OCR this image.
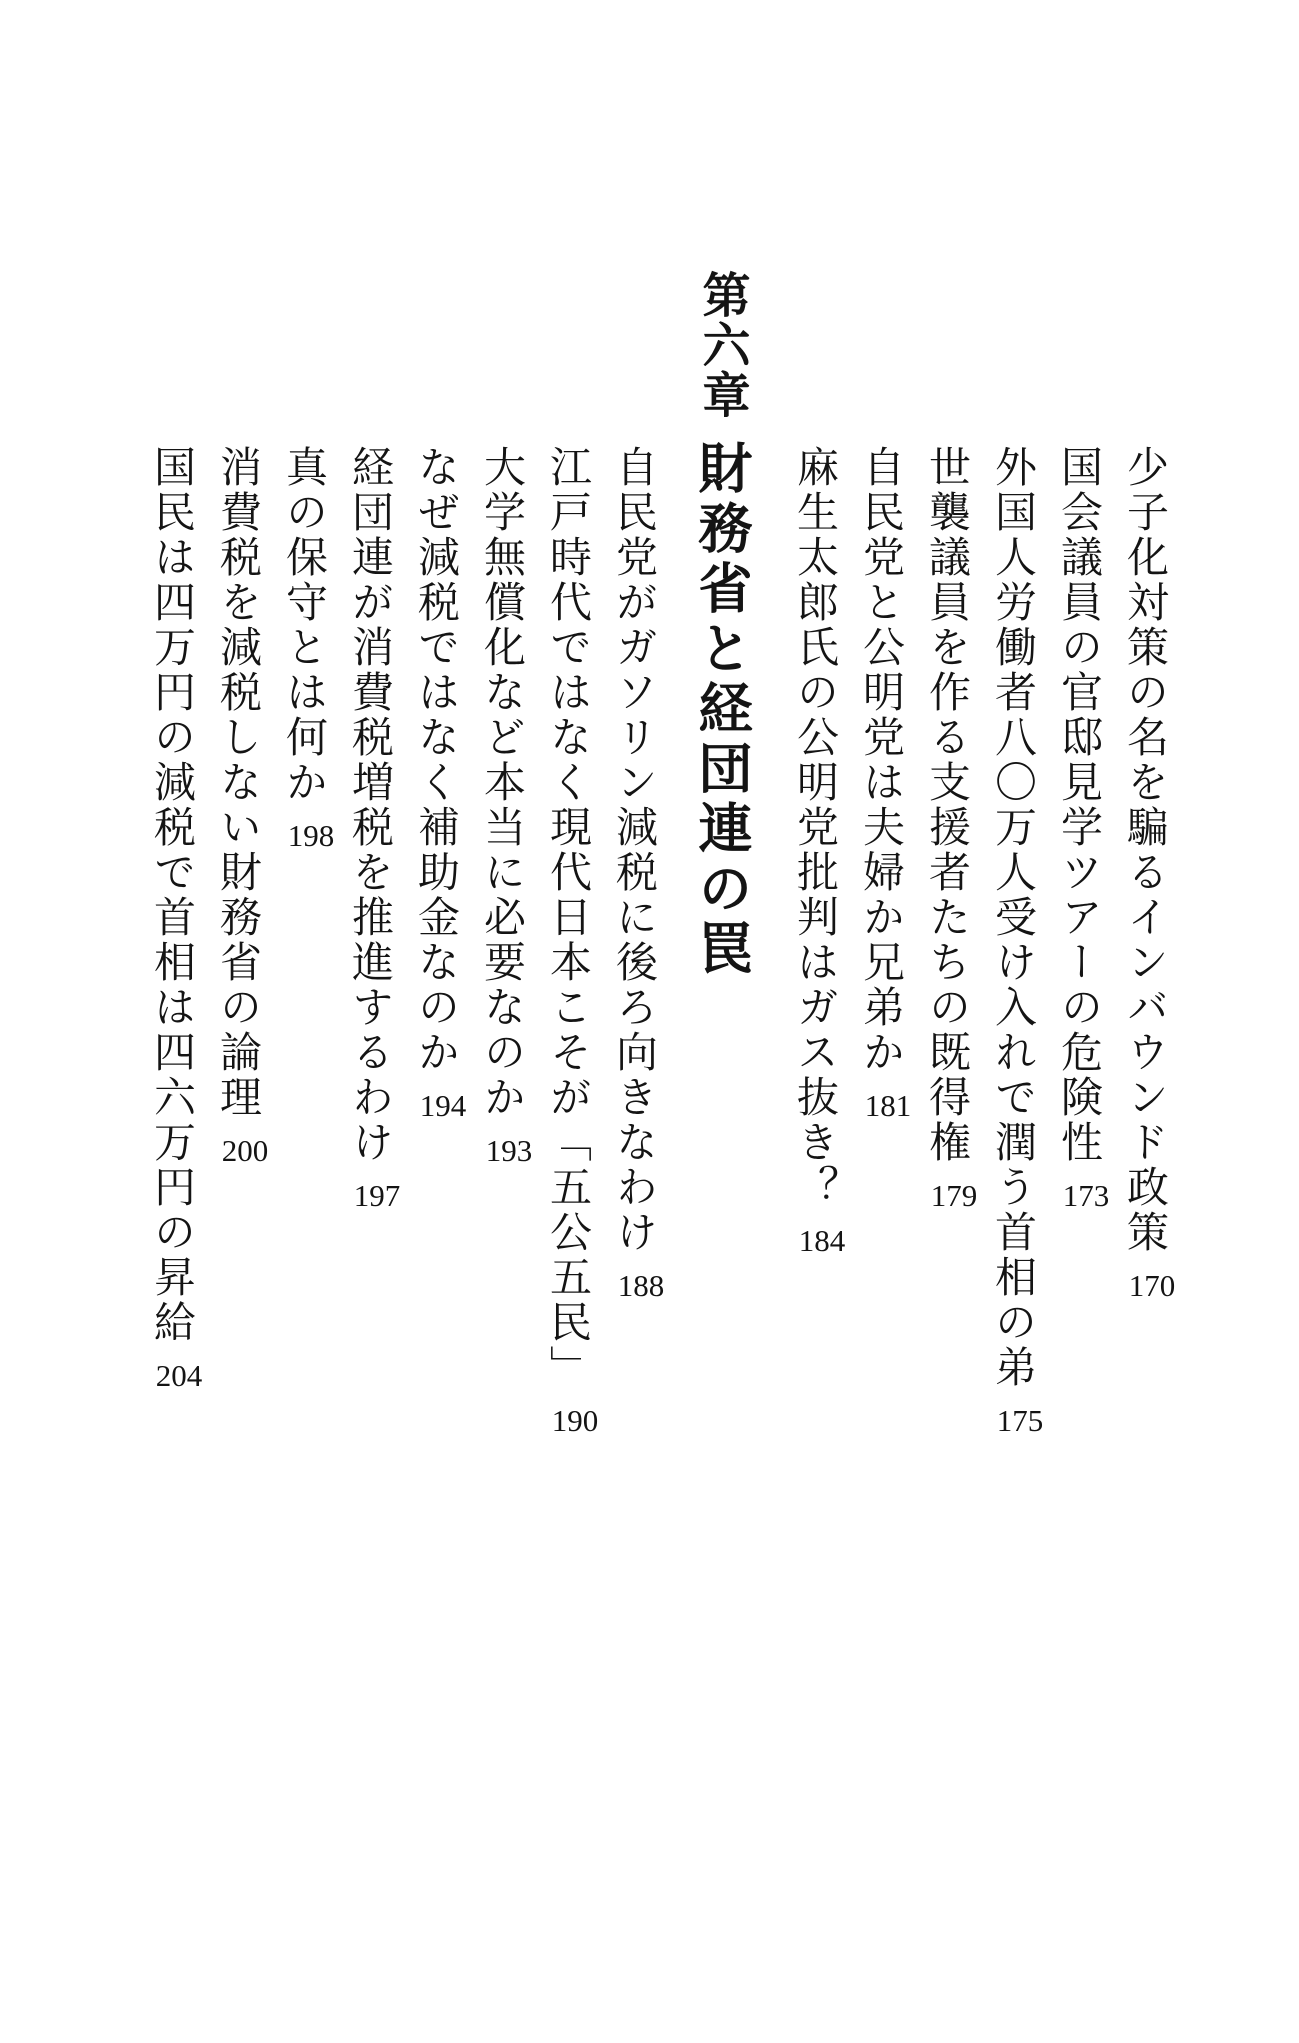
少子化対策の名を騙るインバウンド政策
170
国会議員の官邸見学ツアーの危険性
173
外国人労働者八〇万人受け入れで潤う首相の弟
175
世襲議員を作る支援者たちの既得権
179
自民党と公明党は夫婦か兄弟か
181
麻生太郎氏の公明党批判はガス抜き？
184
第六章
財務省と経団連の罠
自民党がガソリン減税に後ろ向きなわけ
188
江戸時代ではなく現代日本こそが「五公五民」
190
大学無償化など本当に必要なのか
193
なぜ減税ではなく補助金なのか
194
経団連が消費税増税を推進するわけ
197
真の保守とは何か
198
消費税を減税しない財務省の論理
200
国民は四万円の減税で首相は四六万円の昇給
204
